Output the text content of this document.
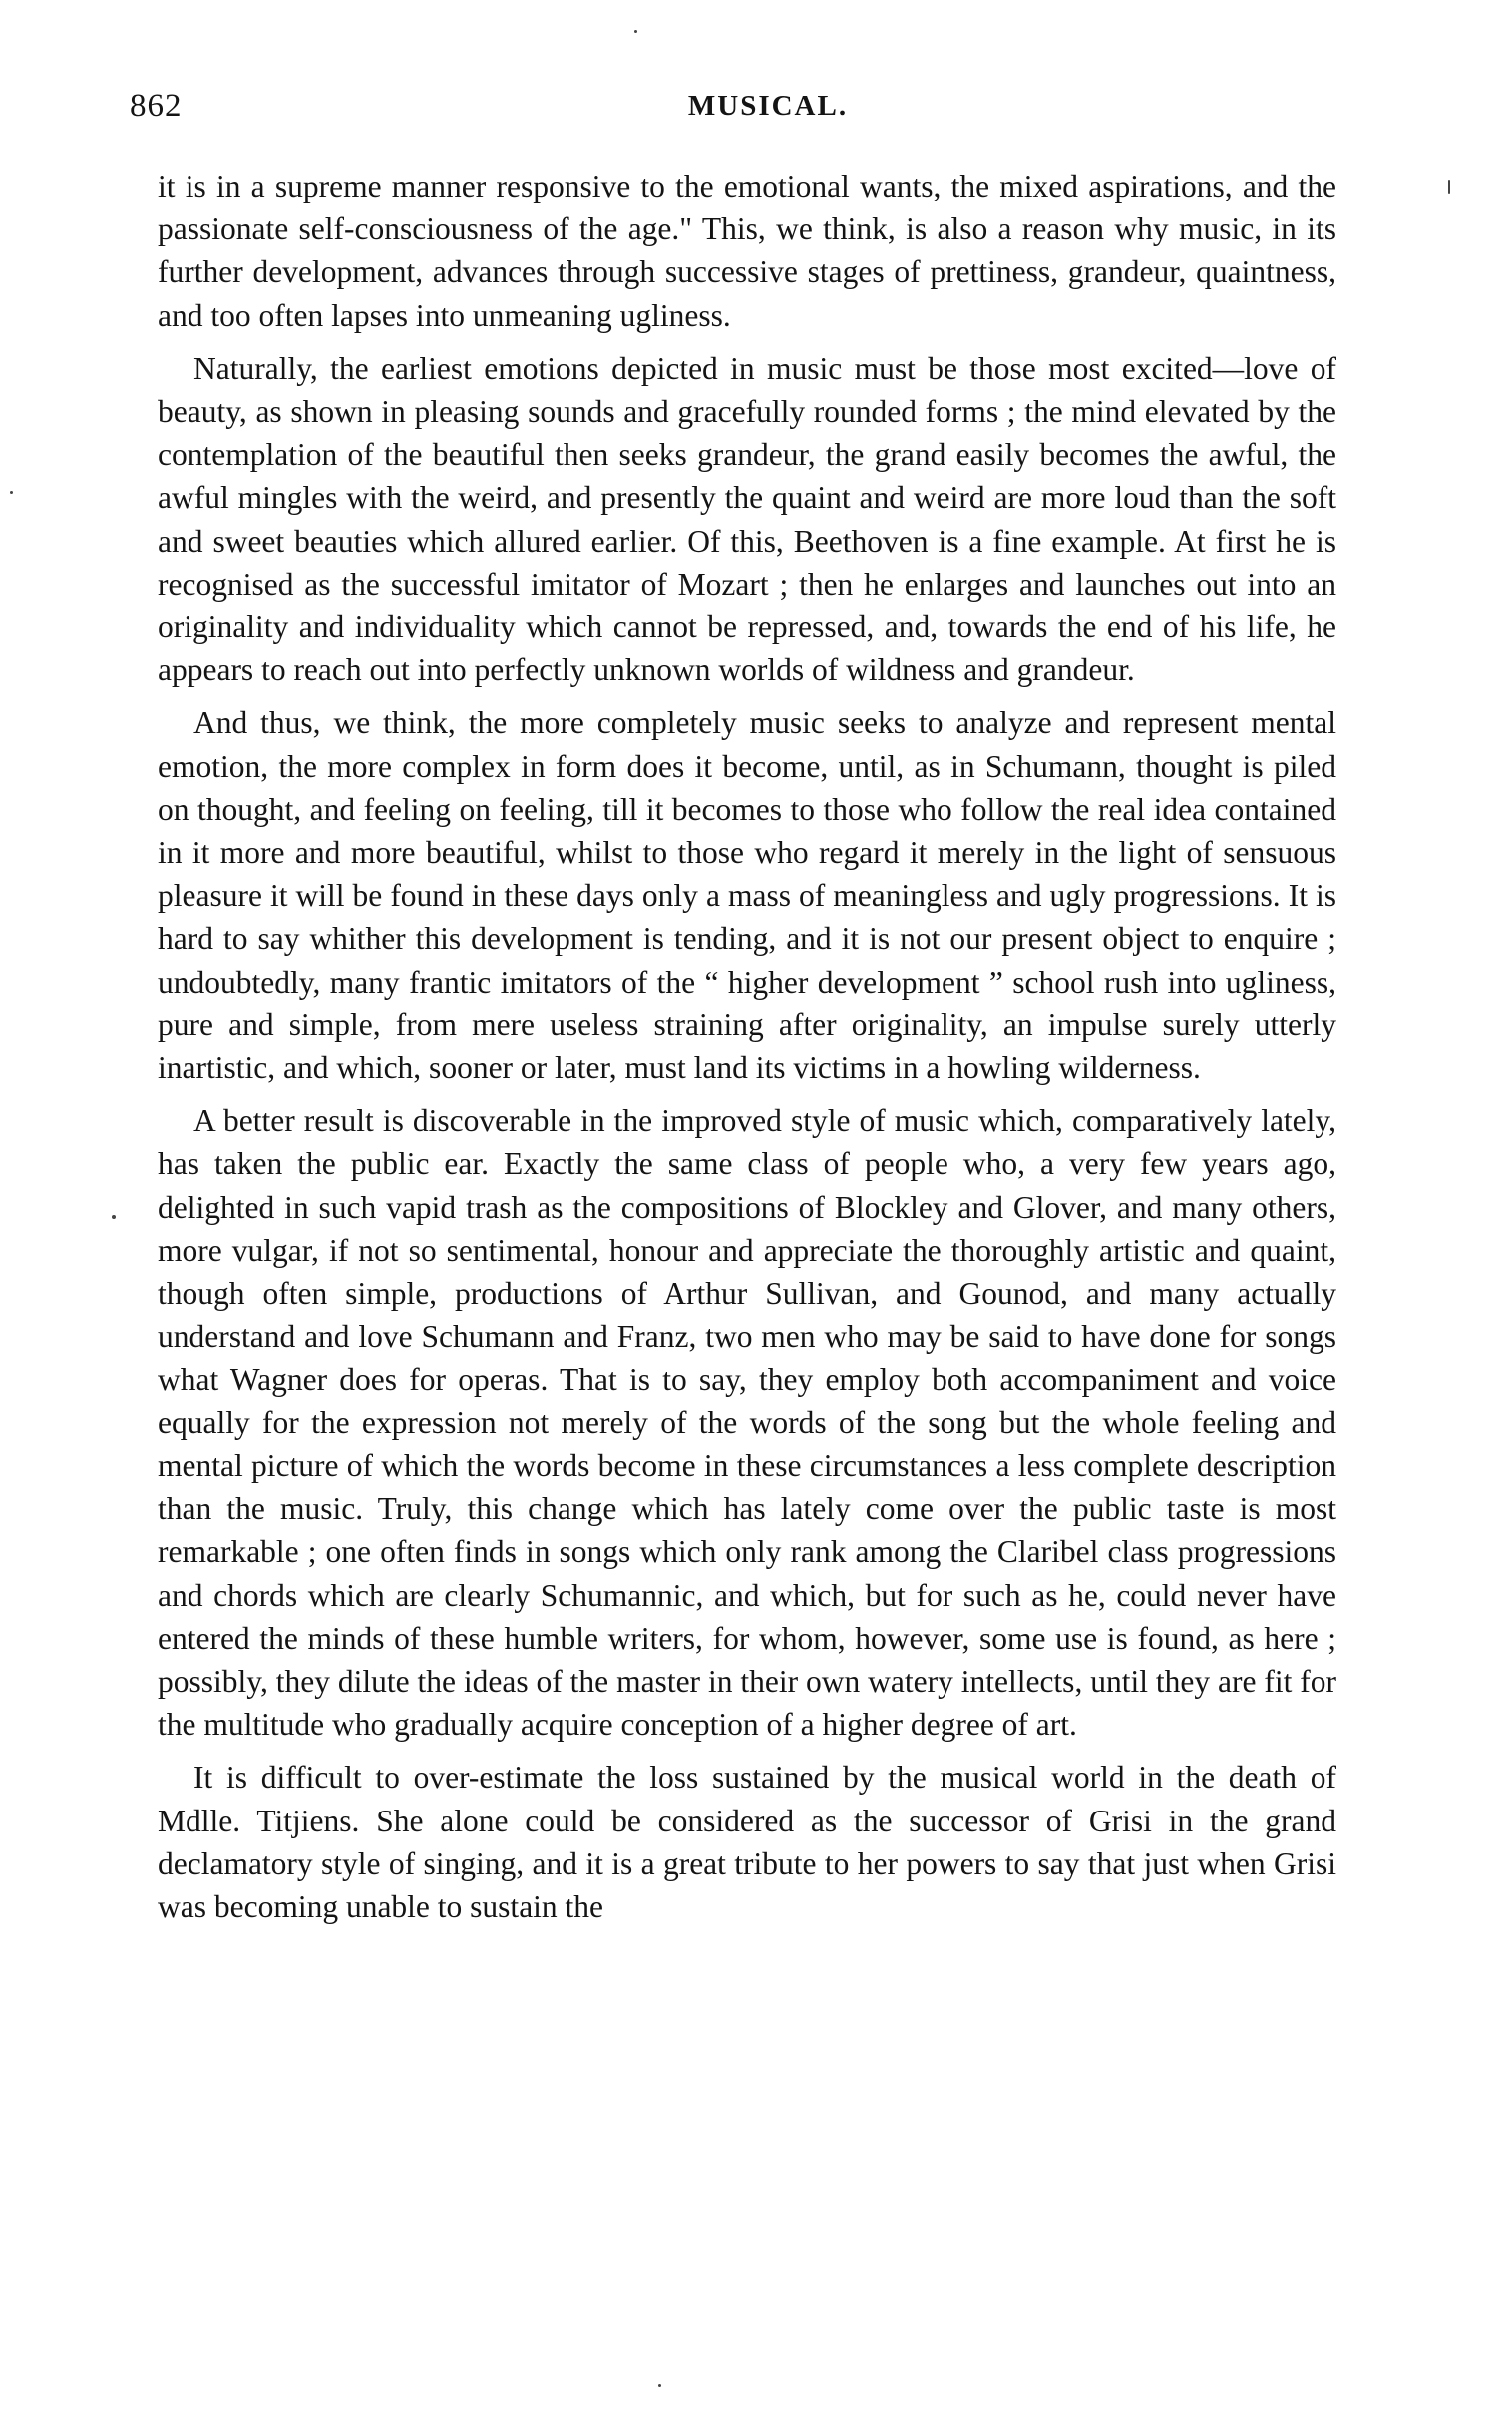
862	MUSICAL.

it is in a supreme manner responsive to the emotional wants, the mixed aspirations, and the passionate self-consciousness of the age." This, we think, is also a reason why music, in its further development, advances through successive stages of prettiness, grandeur, quaintness, and too often lapses into unmeaning ugliness.

Naturally, the earliest emotions depicted in music must be those most excited—love of beauty, as shown in pleasing sounds and gracefully rounded forms ; the mind elevated by the contemplation of the beautiful then seeks grandeur, the grand easily becomes the awful, the awful mingles with the weird, and presently the quaint and weird are more loud than the soft and sweet beauties which allured earlier. Of this, Beethoven is a fine example. At first he is recognised as the successful imitator of Mozart ; then he enlarges and launches out into an originality and individuality which cannot be repressed, and, towards the end of his life, he appears to reach out into perfectly unknown worlds of wildness and grandeur.

And thus, we think, the more completely music seeks to analyze and represent mental emotion, the more complex in form does it become, until, as in Schumann, thought is piled on thought, and feeling on feeling, till it becomes to those who follow the real idea contained in it more and more beautiful, whilst to those who regard it merely in the light of sensuous pleasure it will be found in these days only a mass of meaningless and ugly progressions. It is hard to say whither this development is tending, and it is not our present object to enquire ; undoubtedly, many frantic imitators of the “ higher development ” school rush into ugliness, pure and simple, from mere useless straining after originality, an impulse surely utterly inartistic, and which, sooner or later, must land its victims in a howling wilderness.

A better result is discoverable in the improved style of music which, comparatively lately, has taken the public ear. Exactly the same class of people who, a very few years ago, delighted in such vapid trash as the compositions of Blockley and Glover, and many others, more vulgar, if not so sentimental, honour and appreciate the thoroughly artistic and quaint, though often simple, productions of Arthur Sullivan, and Gounod, and many actually understand and love Schumann and Franz, two men who may be said to have done for songs what Wagner does for operas. That is to say, they employ both accompaniment and voice equally for the expression not merely of the words of the song but the whole feeling and mental picture of which the words become in these circumstances a less complete description than the music. Truly, this change which has lately come over the public taste is most remarkable ; one often finds in songs which only rank among the Claribel class progressions and chords which are clearly Schumannic, and which, but for such as he, could never have entered the minds of these humble writers, for whom, however, some use is found, as here ; possibly, they dilute the ideas of the master in their own watery intellects, until they are fit for the multitude who gradually acquire conception of a higher degree of art.

It is difficult to over-estimate the loss sustained by the musical world in the death of Mdlle. Titjiens. She alone could be considered as the successor of Grisi in the grand declamatory style of singing, and it is a great tribute to her powers to say that just when Grisi was becoming unable to sustain the
